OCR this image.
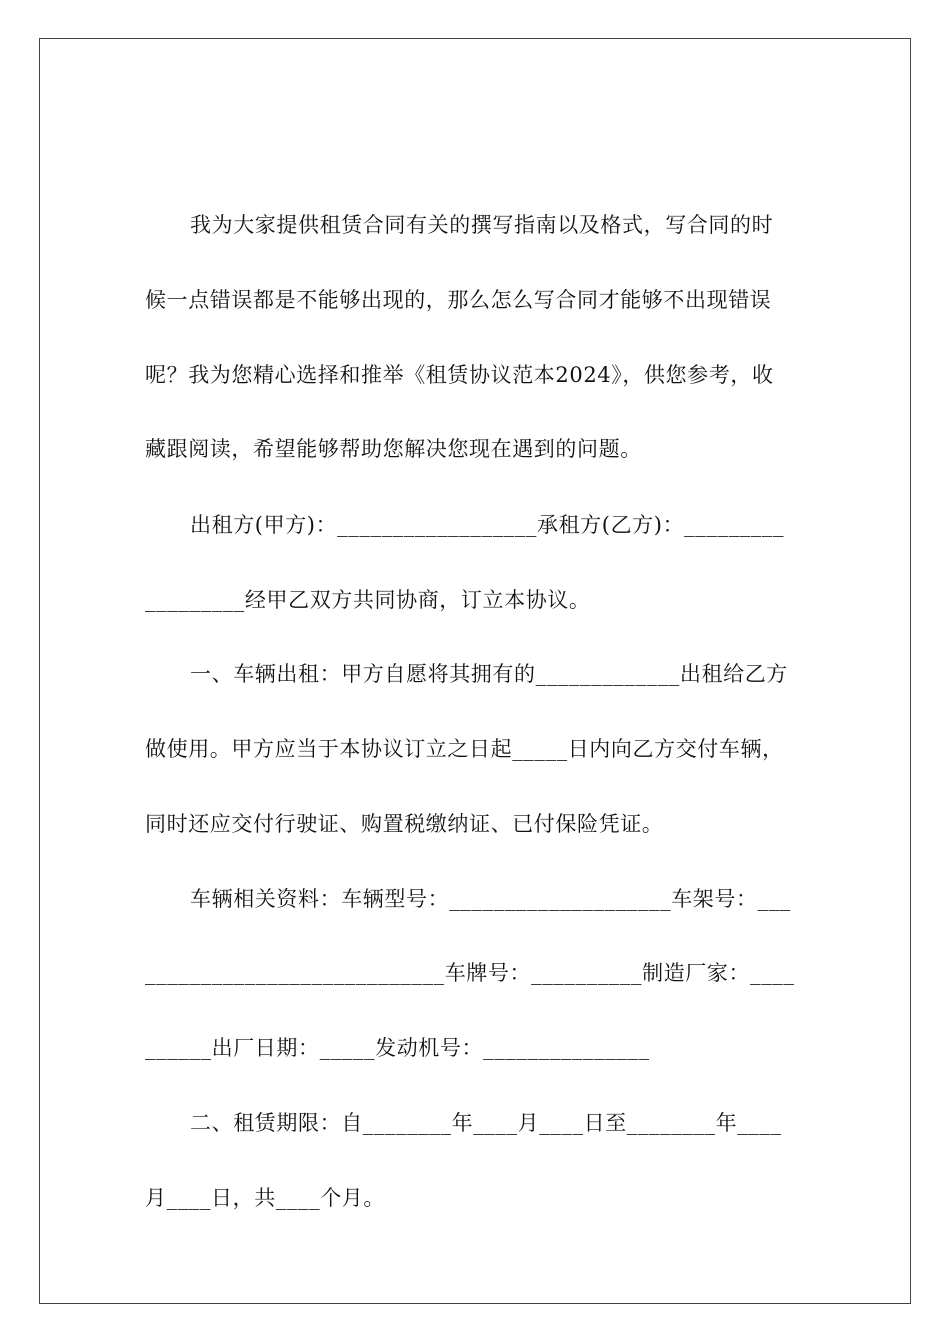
我为大家提供租赁合同有关的撰写指南以及格式，写合同的时
候一点错误都是不能够出现的，那么怎么写合同才能够不出现错误
呢？我为您精心选择和推举《租赁协议范本2024》，供您参考，收
藏跟阅读，希望能够帮助您解决您现在遇到的问题。
出租方(甲方)：__________________承租方(乙方)：_________
_________经甲乙双方共同协商，订立本协议。
一、车辆出租：甲方自愿将其拥有的_____________出租给乙方
做使用。甲方应当于本协议订立之日起_____日内向乙方交付车辆，
同时还应交付行驶证、购置税缴纳证、已付保险凭证。
车辆相关资料：车辆型号：____________________车架号：___
___________________________车牌号：__________制造厂家：____
______出厂日期：_____发动机号：_______________
二、租赁期限：自________年____月____日至________年____
月____日，共____个月。
